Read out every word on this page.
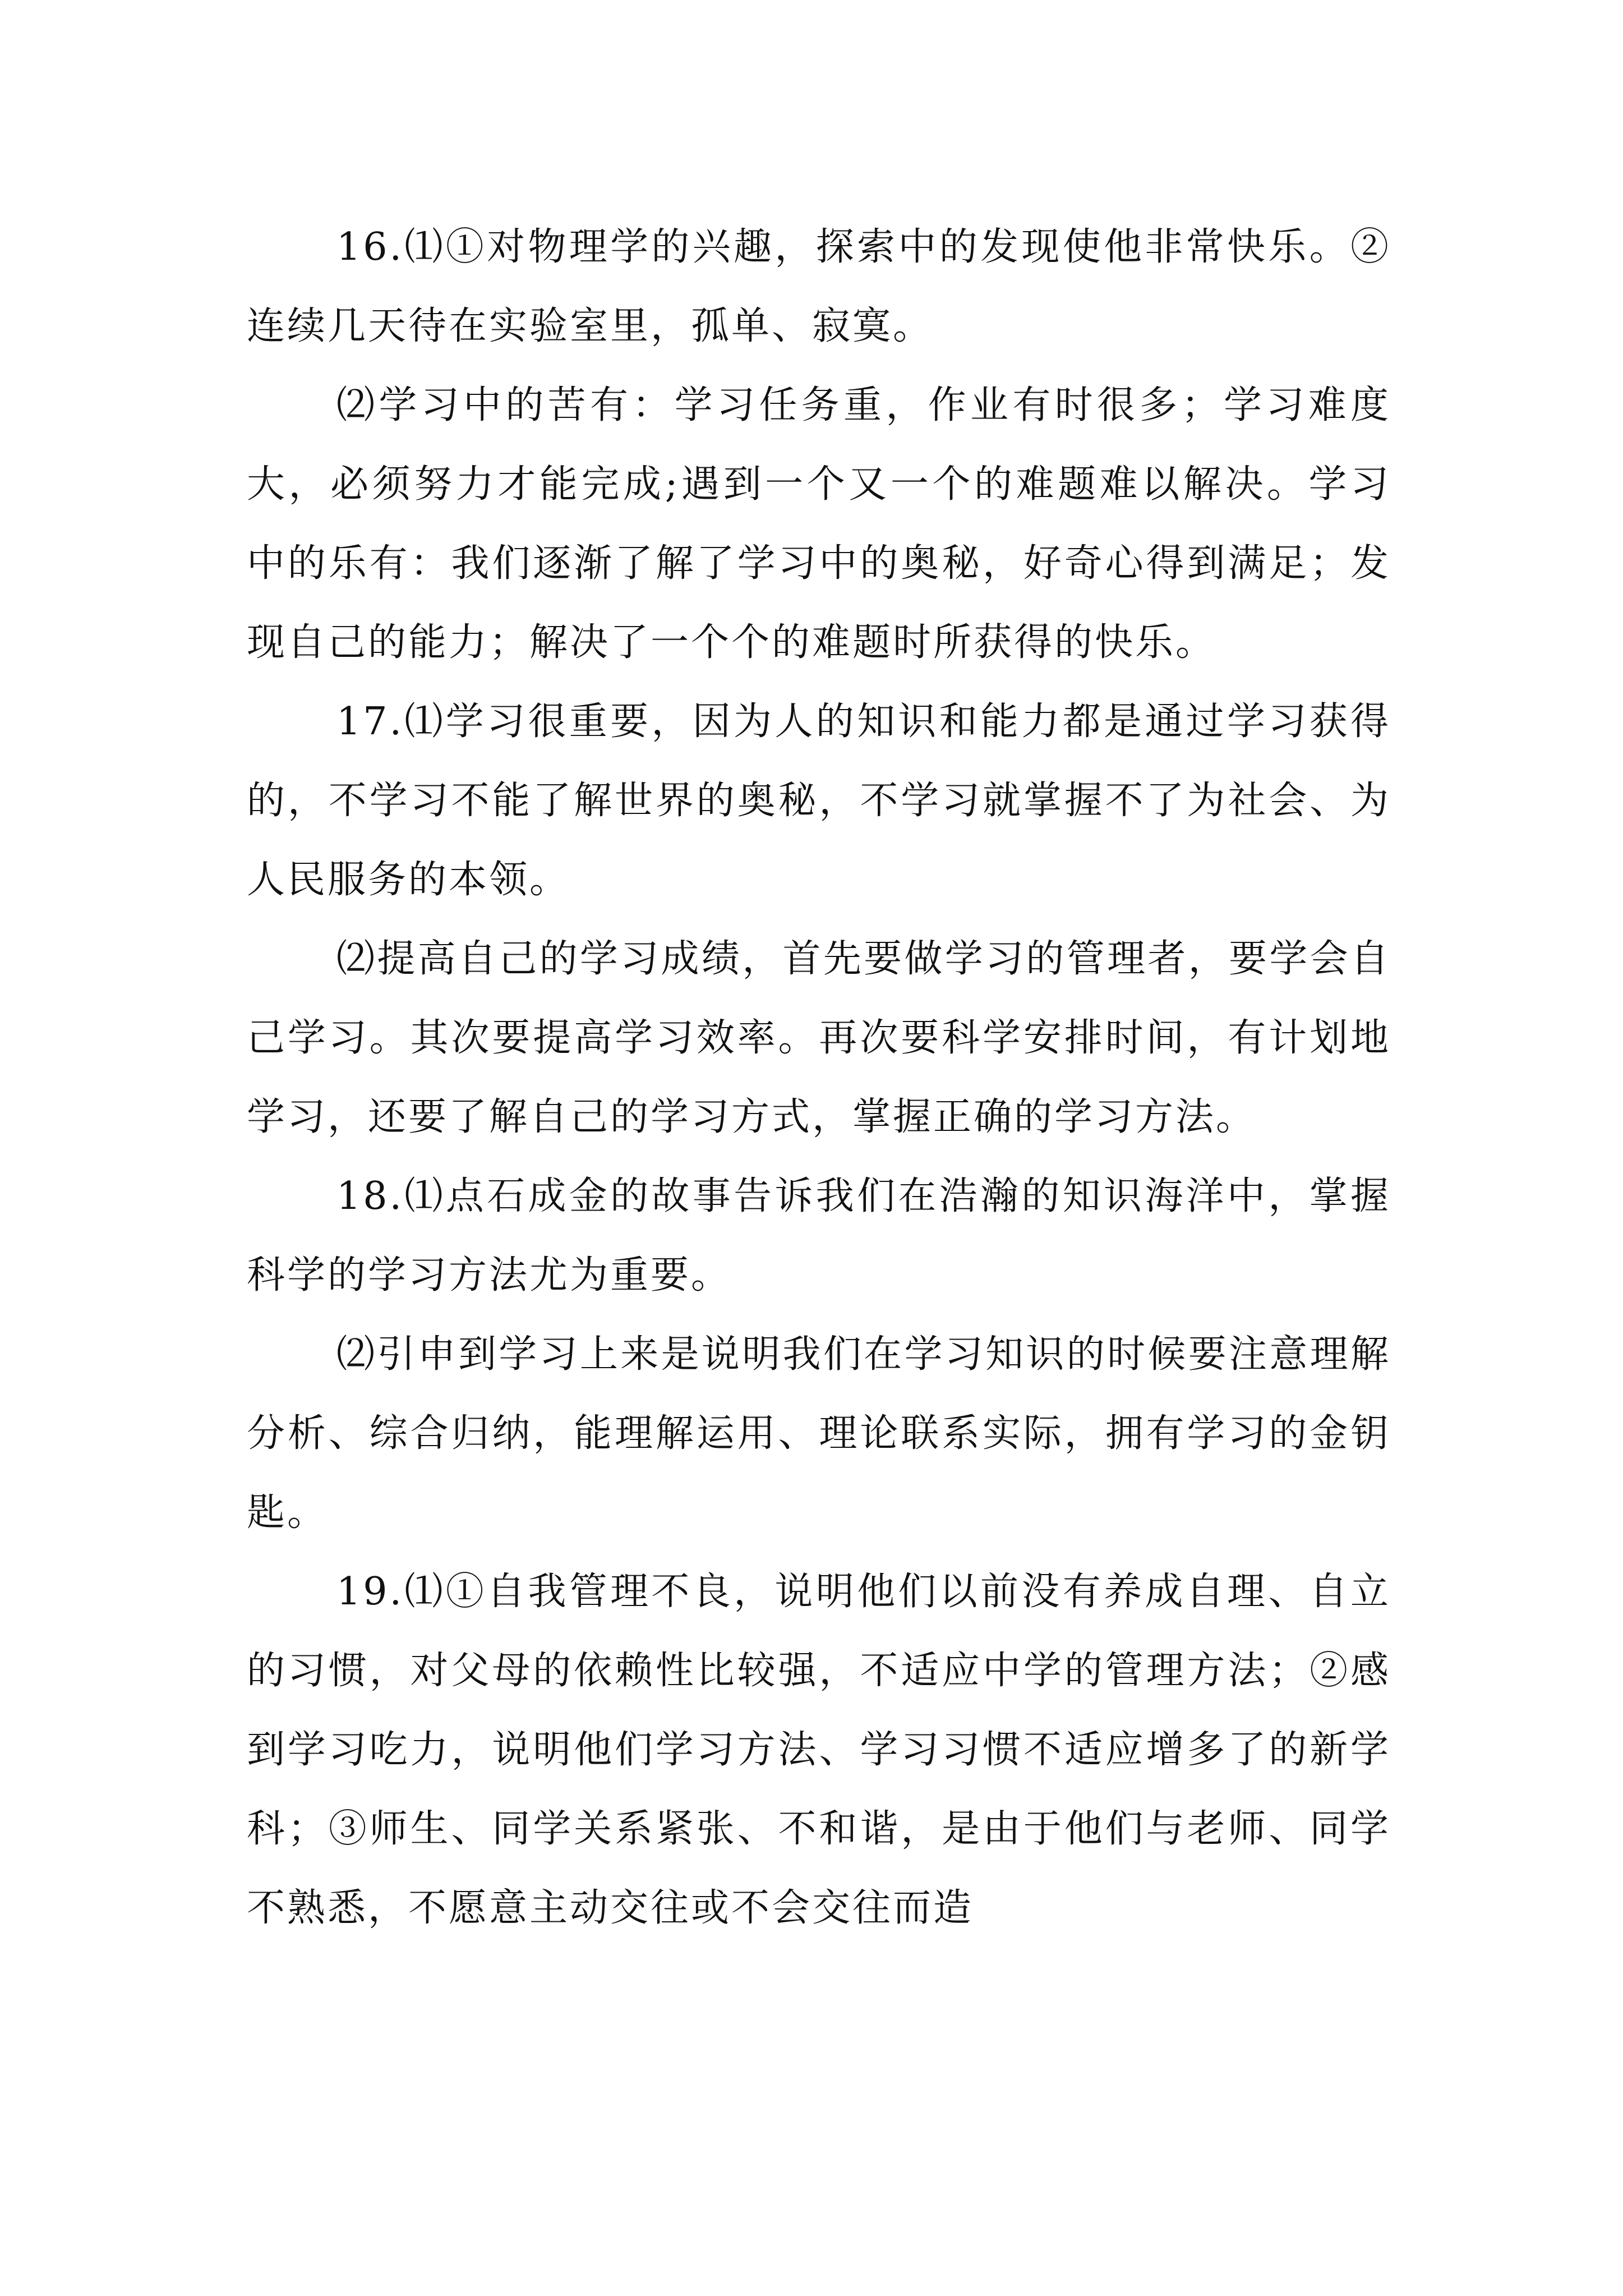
16.⑴①对物理学的兴趣，探索中的发现使他非常快乐。②连续几天待在实验室里，孤单、寂寞。

⑵学习中的苦有：学习任务重，作业有时很多；学习难度大，必须努力才能完成;遇到一个又一个的难题难以解决。学习中的乐有：我们逐渐了解了学习中的奥秘，好奇心得到满足；发现自己的能力；解决了一个个的难题时所获得的快乐。

17.⑴学习很重要，因为人的知识和能力都是通过学习获得的，不学习不能了解世界的奥秘，不学习就掌握不了为社会、为人民服务的本领。

⑵提高自己的学习成绩，首先要做学习的管理者，要学会自己学习。其次要提高学习效率。再次要科学安排时间，有计划地学习，还要了解自己的学习方式，掌握正确的学习方法。

18.⑴点石成金的故事告诉我们在浩瀚的知识海洋中，掌握科学的学习方法尤为重要。

⑵引申到学习上来是说明我们在学习知识的时候要注意理解分析、综合归纳，能理解运用、理论联系实际，拥有学习的金钥匙。

19.⑴①自我管理不良，说明他们以前没有养成自理、自立的习惯，对父母的依赖性比较强，不适应中学的管理方法；②感到学习吃力，说明他们学习方法、学习习惯不适应增多了的新学科；③师生、同学关系紧张、不和谐，是由于他们与老师、同学不熟悉，不愿意主动交往或不会交往而造
